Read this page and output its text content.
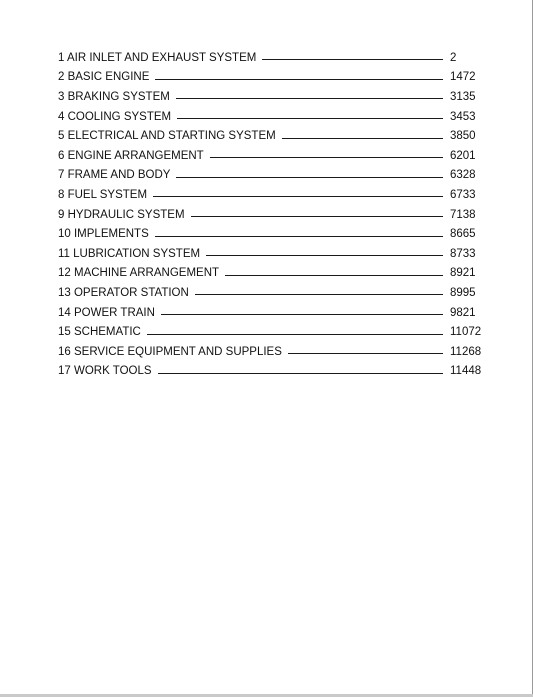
1 AIR INLET AND EXHAUST SYSTEM	2
2 BASIC ENGINE	1472
3 BRAKING SYSTEM	3135
4 COOLING SYSTEM	3453
5 ELECTRICAL AND STARTING SYSTEM	3850
6 ENGINE ARRANGEMENT	6201
7 FRAME AND BODY	6328
8 FUEL SYSTEM	6733
9 HYDRAULIC SYSTEM	7138
10 IMPLEMENTS	8665
11 LUBRICATION SYSTEM	8733
12 MACHINE ARRANGEMENT	8921
13 OPERATOR STATION	8995
14 POWER TRAIN	9821
15 SCHEMATIC	11072
16 SERVICE EQUIPMENT AND SUPPLIES	11268
17 WORK TOOLS	11448
